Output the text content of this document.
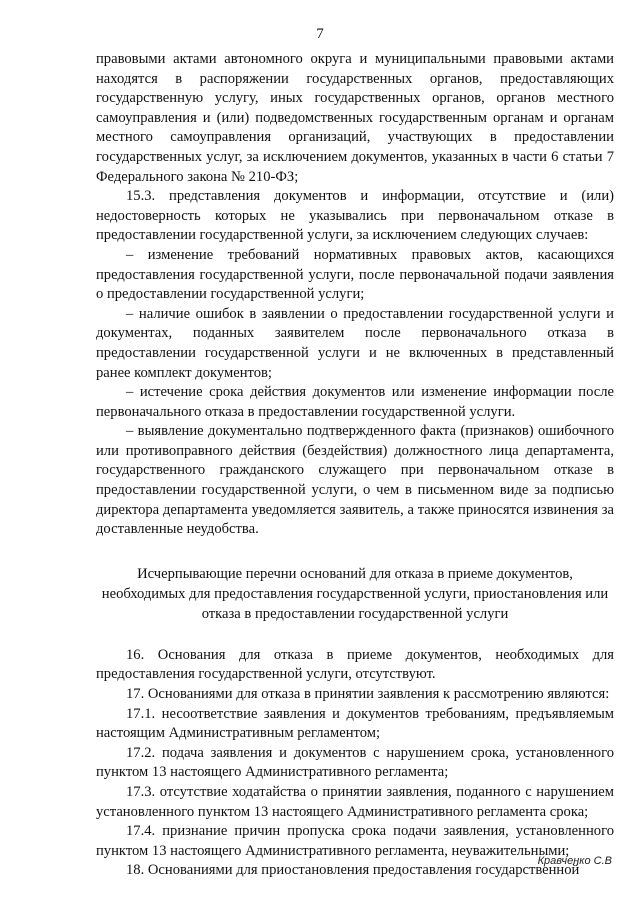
7

правовыми актами автономного округа и муниципальными правовыми актами находятся в распоряжении государственных органов, предоставляющих государственную услугу, иных государственных органов, органов местного самоуправления и (или) подведомственных государственным органам и органам местного самоуправления организаций, участвующих в предоставлении государственных услуг, за исключением документов, указанных в части 6 статьи 7 Федерального закона № 210-ФЗ;

15.3. представления документов и информации, отсутствие и (или) недостоверность которых не указывались при первоначальном отказе в предоставлении государственной услуги, за исключением следующих случаев:

– изменение требований нормативных правовых актов, касающихся предоставления государственной услуги, после первоначальной подачи заявления о предоставлении государственной услуги;

– наличие ошибок в заявлении о предоставлении государственной услуги и документах, поданных заявителем после первоначального отказа в предоставлении государственной услуги и не включенных в представленный ранее комплект документов;

– истечение срока действия документов или изменение информации после первоначального отказа в предоставлении государственной услуги.

– выявление документально подтвержденного факта (признаков) ошибочного или противоправного действия (бездействия) должностного лица департамента, государственного гражданского служащего при первоначальном отказе в предоставлении государственной услуги, о чем в письменном виде за подписью директора департамента уведомляется заявитель, а также приносятся извинения за доставленные неудобства.

Исчерпывающие перечни оснований для отказа в приеме документов, необходимых для предоставления государственной услуги, приостановления или отказа в предоставлении государственной услуги

16. Основания для отказа в приеме документов, необходимых для предоставления государственной услуги, отсутствуют.

17. Основаниями для отказа в принятии заявления к рассмотрению являются:

17.1. несоответствие заявления и документов требованиям, предъявляемым настоящим Административным регламентом;

17.2. подача заявления и документов с нарушением срока, установленного пунктом 13 настоящего Административного регламента;

17.3. отсутствие ходатайства о принятии заявления, поданного с нарушением установленного пунктом 13 настоящего Административного регламента срока;

17.4. признание причин пропуска срока подачи заявления, установленного пунктом 13 настоящего Административного регламента, неуважительными;

18. Основаниями для приостановления предоставления государственной

Кравченко С.В
